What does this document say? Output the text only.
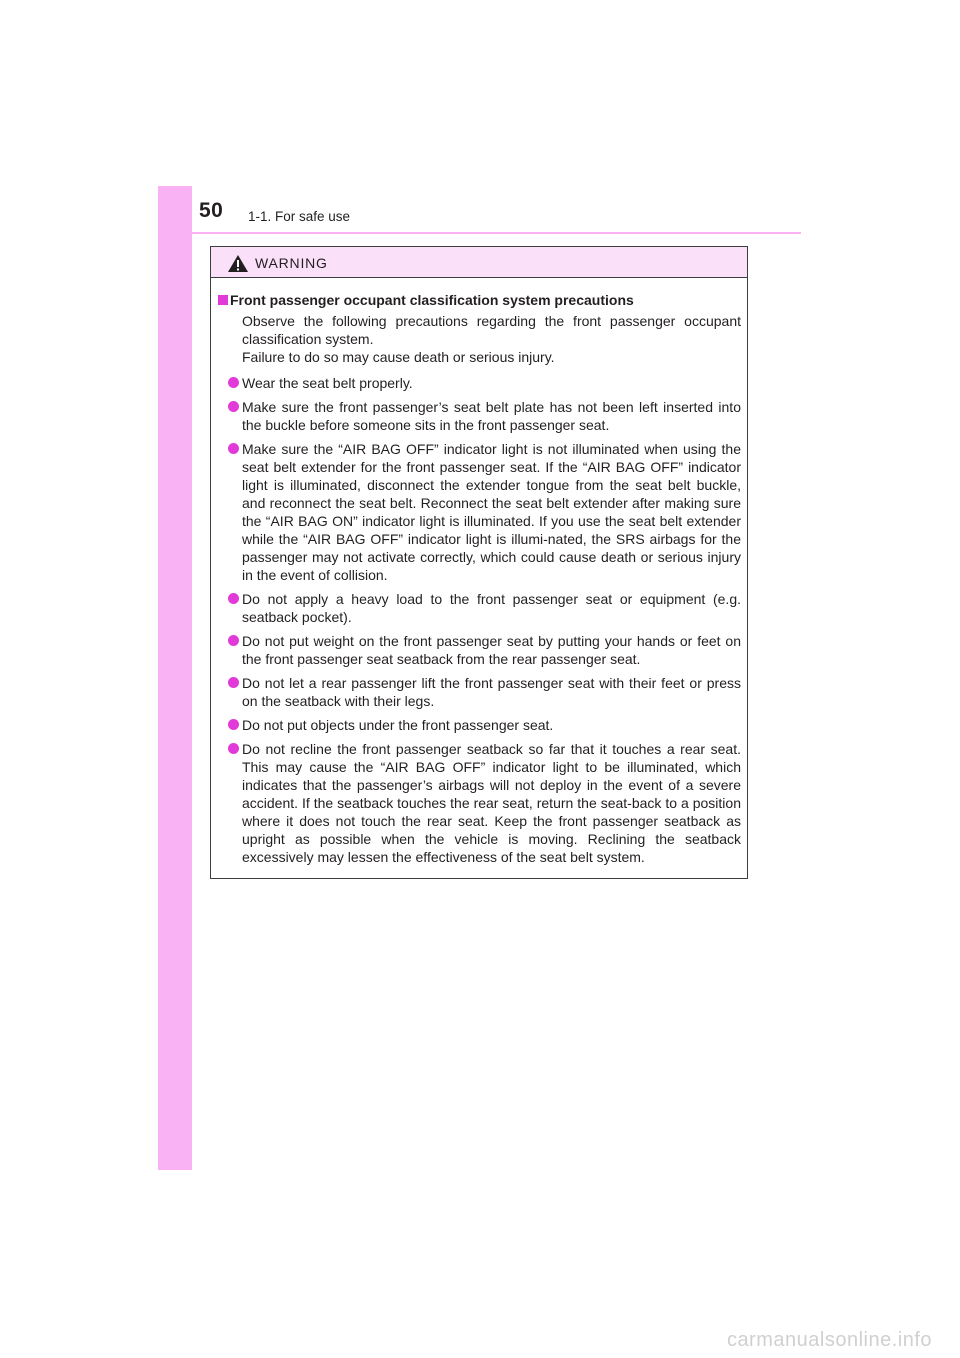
50 1-1. For safe use
WARNING
Front passenger occupant classification system precautions

Observe the following precautions regarding the front passenger occupant classification system.

Failure to do so may cause death or serious injury.

Wear the seat belt properly.
Make sure the front passenger’s seat belt plate has not been left inserted into the buckle before someone sits in the front passenger seat.
Make sure the “AIR BAG OFF” indicator light is not illuminated when using the seat belt extender for the front passenger seat. If the “AIR BAG OFF” indicator light is illuminated, disconnect the extender tongue from the seat belt buckle, and reconnect the seat belt. Reconnect the seat belt extender after making sure the “AIR BAG ON” indicator light is illuminated. If you use the seat belt extender while the “AIR BAG OFF” indicator light is illumi-nated, the SRS airbags for the passenger may not activate correctly, which could cause death or serious injury in the event of collision.
Do not apply a heavy load to the front passenger seat or equipment (e.g. seatback pocket).
Do not put weight on the front passenger seat by putting your hands or feet on the front passenger seat seatback from the rear passenger seat.
Do not let a rear passenger lift the front passenger seat with their feet or press on the seatback with their legs.
Do not put objects under the front passenger seat.
Do not recline the front passenger seatback so far that it touches a rear seat. This may cause the “AIR BAG OFF” indicator light to be illuminated, which indicates that the passenger’s airbags will not deploy in the event of a severe accident. If the seatback touches the rear seat, return the seat-back to a position where it does not touch the rear seat. Keep the front passenger seatback as upright as possible when the vehicle is moving. Reclining the seatback excessively may lessen the effectiveness of the seat belt system.
carmanualsonline.info
